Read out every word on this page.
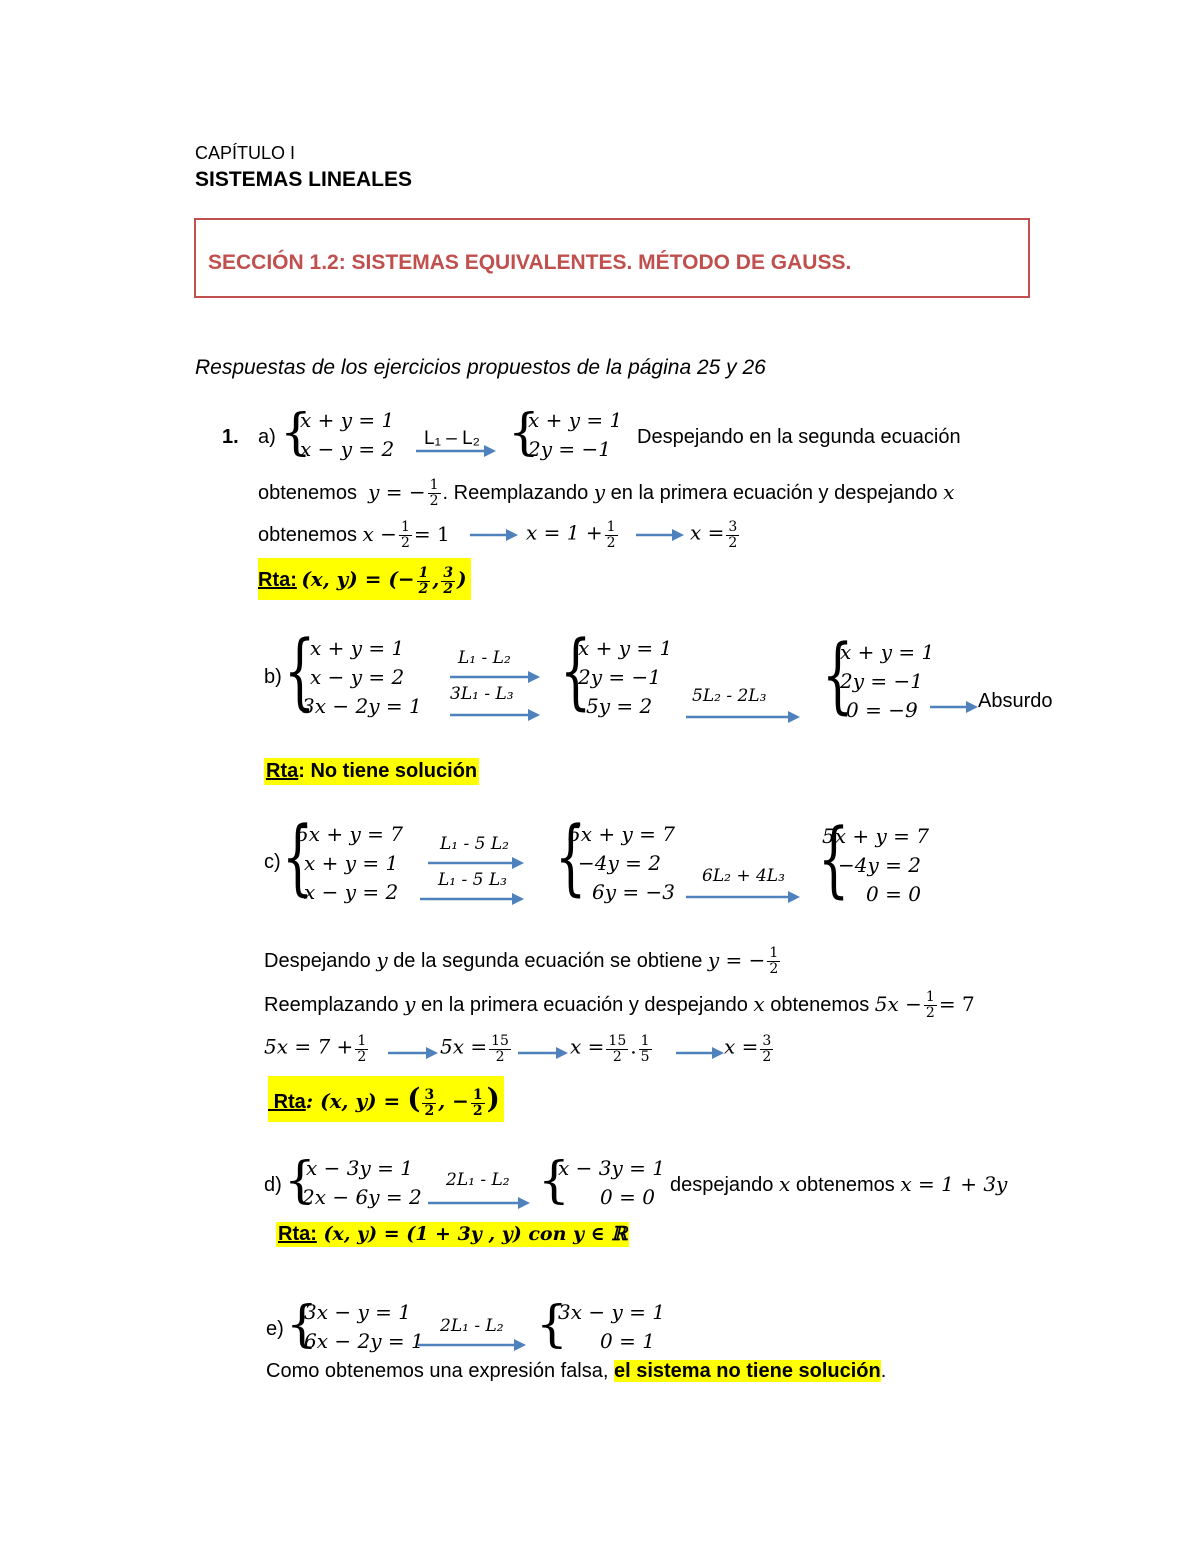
CAPÍTULO I
SISTEMAS LINEALES
SECCIÓN 1.2: SISTEMAS EQUIVALENTES. MÉTODO DE GAUSS.
Respuestas de los ejercicios propuestos de la página 25 y 26
1. a) {
x + y = 1
x − y = 2 L₁ – L₂ {
x + y = 1
2y = −1	Despejando en la segunda ecuación
obtenemos y = − $\frac{1}{2}$ . Reemplazando y en la primera ecuación y despejando x
obtenemos $x - \frac{1}{2} = 1$	$x = 1 + \frac{1}{2}$	$x = \frac{3}{2}$
Rta: (x, y) = (− $\frac{1}{2}$ , $\frac{3}{2}$ )
b) {
x + y = 1
x − y = 2
3x − 2y = 1
L₁ - L₂
3L₁ - L₃ {
x + y = 1
2y = −1
5y = 2	5L₂ - 2L₃ {
x + y = 1
2y = −1
0 = −9	Absurdo
Rta: No tiene solución
c) {
5x + y = 7
x + y = 1
x − y = 2
L₁ - 5 L₂
L₁ - 5 L₃ {
5x + y = 7
−4y = 2
6y = −3
6L₂ + 4L₃ {
5x + y = 7
−4y = 2
0 = 0
Despejando y de la segunda ecuación se obtiene y = − $\frac{1}{2}$
Reemplazando y en la primera ecuación y despejando x obtenemos $5x - \frac{1}{2} = 7$
$5x = 7 + \frac{1}{2}$	$5x = \frac{15}{2}$	$x = \frac{15}{2}$ . $\frac{1}{5}$	$x = \frac{3}{2}$
Rta: (x, y) = ( $\frac{3}{2}$ , − $\frac{1}{2}$ )
d) {
x − 3y = 1
2x − 6y = 2
2L₁ - L₂ {
x − 3y = 1
0 = 0 despejando x obtenemos x = 1 + 3y
Rta: (x, y) = (1 + 3y , y) con y ∈ ℝ
e) {
3x − y = 1
6x − 2y = 1
2L₁ - L₂ {
3x − y = 1
0 = 1
Como obtenemos una expresión falsa, el sistema no tiene solución.
